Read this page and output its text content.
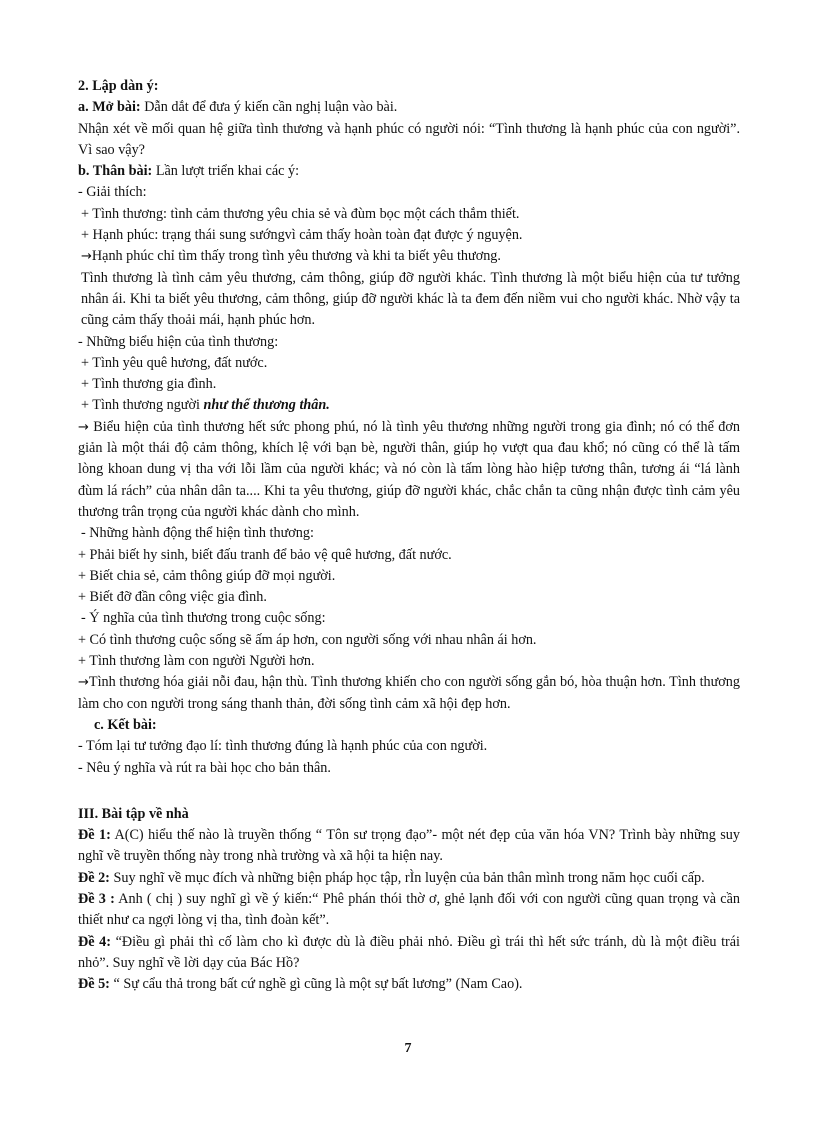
2. Lập dàn ý:
a. Mở bài: Dẫn dắt để đưa ý kiến cần nghị luận vào bài.
Nhận xét về mối quan hệ giữa tình thương và hạnh phúc có người nói: “Tình thương là hạnh phúc của con người”. Vì sao vậy?
b. Thân bài: Lần lượt triển khai các ý:
- Giải thích:
+ Tình thương: tình cảm thương yêu chia sẻ và đùm bọc một cách thắm thiết.
+ Hạnh phúc: trạng thái sung sướngvì cảm thấy hoàn toàn đạt được ý nguyện.
→Hạnh phúc chỉ tìm thấy trong tình yêu thương và khi ta biết yêu thương.
Tình thương là tình cảm yêu thương, cảm thông, giúp đỡ người khác. Tình thương là một biểu hiện của tư tưởng nhân ái. Khi ta biết yêu thương, cảm thông, giúp đỡ người khác là ta đem đến niềm vui cho người khác. Nhờ vậy ta cũng cảm thấy thoải mái, hạnh phúc hơn.
- Những biểu hiện của tình thương:
+ Tình yêu quê hương, đất nước.
+ Tình thương gia đình.
+ Tình thương người như thể thương thân.
→ Biểu hiện của tình thương hết sức phong phú, nó là tình yêu thương những người trong gia đình; nó có thể đơn giản là một thái độ cảm thông, khích lệ với bạn bè, người thân, giúp họ vượt qua đau khổ; nó cũng có thể là tấm lòng khoan dung vị tha với lỗi lầm của người khác; và nó còn là tấm lòng hào hiệp tương thân, tương ái “lá lành đùm lá rách” của nhân dân ta.... Khi ta yêu thương, giúp đỡ người khác, chắc chắn ta cũng nhận được tình cảm yêu thương trân trọng của người khác dành cho mình.
- Những hành động thể hiện tình thương:
+ Phải biết hy sinh, biết đấu tranh để bảo vệ quê hương, đất nước.
+ Biết chia sẻ, cảm thông giúp đỡ mọi người.
+ Biết đỡ đần công việc gia đình.
- Ý nghĩa của tình thương trong cuộc sống:
+ Có tình thương cuộc sống sẽ ấm áp hơn, con người sống với nhau nhân ái hơn.
+ Tình thương làm con người Người hơn.
→Tình thương hóa giải nỗi đau, hận thù. Tình thương khiến cho con người sống gắn bó, hòa thuận hơn. Tình thương làm cho con người trong sáng thanh thản, đời sống tình cảm xã hội đẹp hơn.
c. Kết bài:
- Tóm lại tư tưởng đạo lí: tình thương đúng là hạnh phúc của con người.
- Nêu ý nghĩa và rút ra bài học cho bản thân.
III. Bài tập về nhà
Đề 1: A(C) hiểu thế nào là truyền thống “ Tôn sư trọng đạo”- một nét đẹp của văn hóa VN? Trình bày những suy nghĩ về truyền thống này trong nhà trường và xã hội ta hiện nay.
Đề 2: Suy nghĩ về mục đích và những biện pháp học tập, rÌn luyện của bản thân mình trong năm học cuối cấp.
Đề 3 : Anh ( chị ) suy nghĩ gì về ý kiến:“ Phê phán thói thờ ơ, ghẻ lạnh đối với con người cũng quan trọng và cần thiết như ca ngợi lòng vị tha, tình đoàn kết”.
Đề 4: “Điều gì phải thì cố làm cho kì được dù là điều phải nhỏ. Điều gì trái thì hết sức tránh, dù là một điều trái nhỏ”. Suy nghĩ về lời dạy của Bác Hồ?
Đề 5: “ Sự cẩu thả trong bất cứ nghề gì cũng là một sự bất lương” (Nam Cao).
7
